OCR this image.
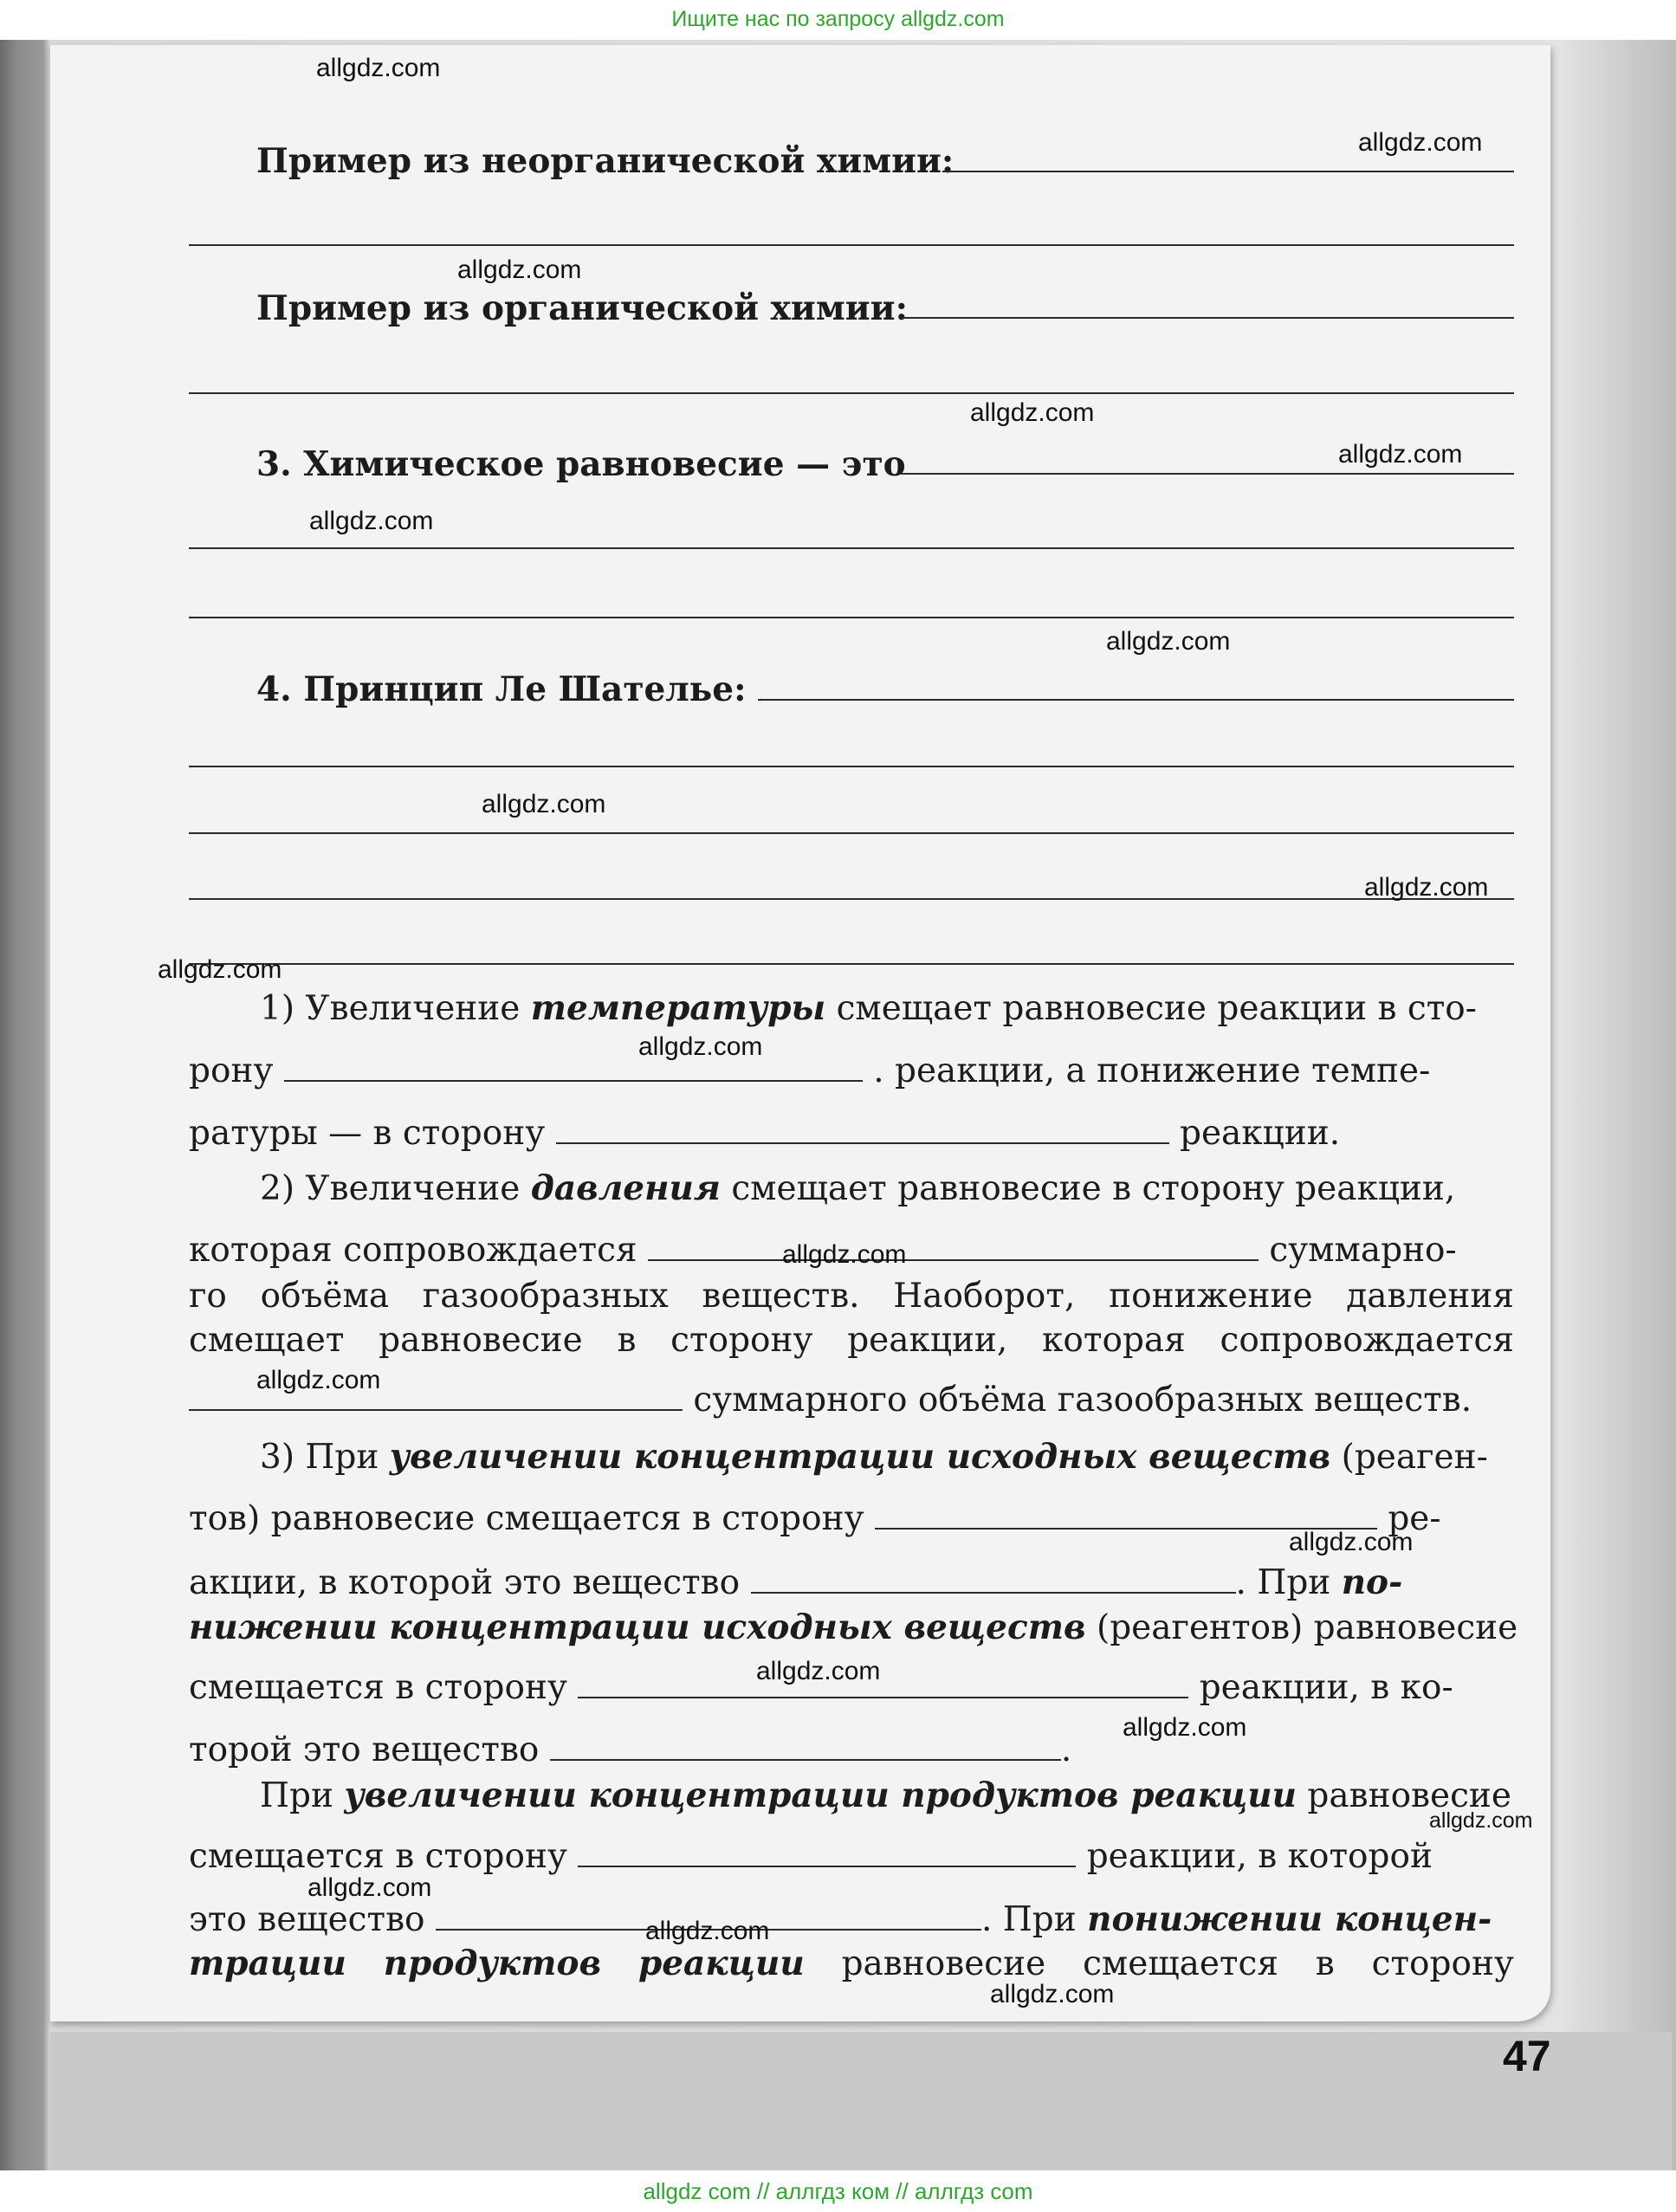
Ищите нас по запросу allgdz.com
Пример из неорганической химии:
Пример из органической химии:
3. Химическое равновесие — это
4. Принцип Ле Шателье:
1) Увеличение температуры смещает равновесие реакции в сто-
рону	. реакции, а понижение темпе-
ратуры — в сторону	реакции.
2) Увеличение давления смещает равновесие в сторону реакции,
которая сопровождается	суммарно-
го объёма газообразных веществ. Наоборот, понижение давления
смещает равновесие в сторону реакции, которая сопровождается
суммарного объёма газообразных веществ.
3) При увеличении концентрации исходных веществ (реаген-
тов) равновесие смещается в сторону	ре-
акции, в которой это вещество	. При по-
нижении концентрации исходных веществ (реагентов) равновесие
смещается в сторону	реакции, в ко-
торой это вещество	.
При увеличении концентрации продуктов реакции равновесие
смещается в сторону	реакции, в которой
это вещество	. При понижении концен-
трации продуктов реакции равновесие смещается в сторону
allgdz.com
allgdz.com
allgdz.com
allgdz.com
allgdz.com
allgdz.com
allgdz.com
allgdz.com
allgdz.com
allgdz.com
allgdz.com
allgdz.com
allgdz.com
allgdz.com
allgdz.com
allgdz.com
allgdz.com
allgdz.com
allgdz.com
allgdz.com
47
allgdz com // аллгдз ком // аллгдз com
